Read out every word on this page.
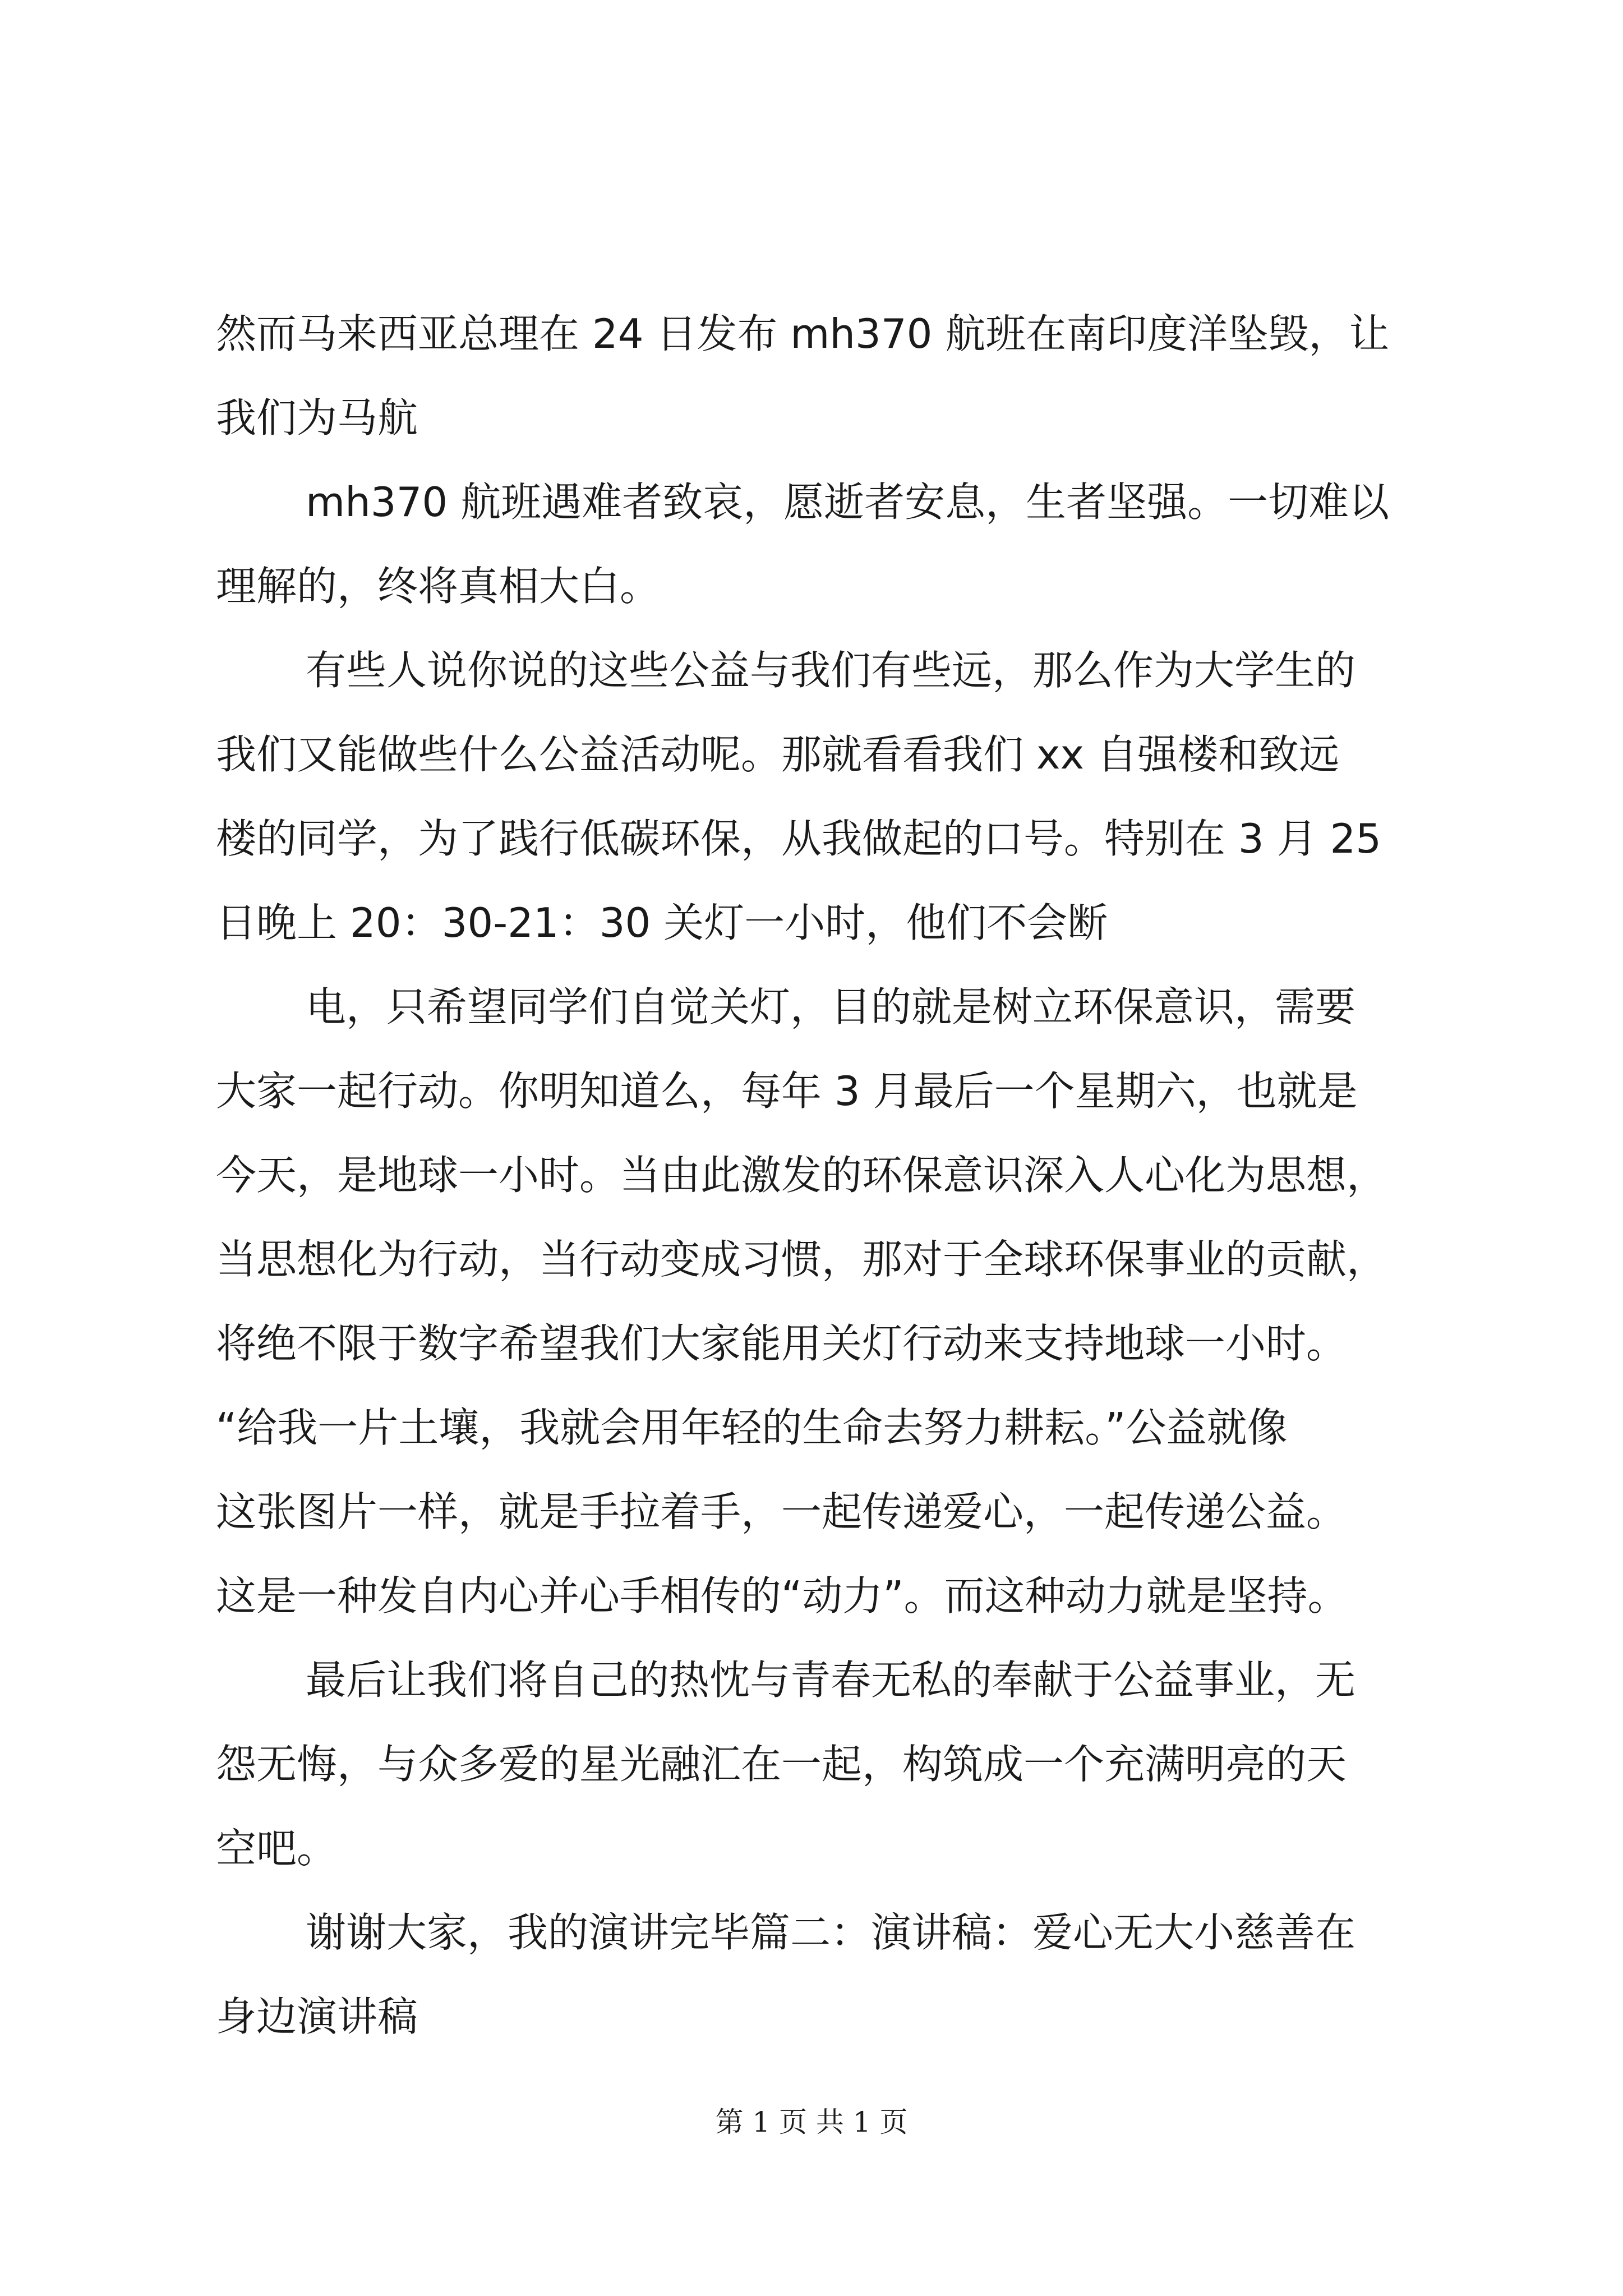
然而马来西亚总理在 24 日发布 mh370 航班在南印度洋坠毁，让
我们为马航
mh370 航班遇难者致哀，愿逝者安息，生者坚强。一切难以
理解的，终将真相大白。
有些人说你说的这些公益与我们有些远，那么作为大学生的
我们又能做些什么公益活动呢。那就看看我们 xx 自强楼和致远
楼的同学，为了践行低碳环保，从我做起的口号。特别在 3 月 25
日晚上 20：30-21：30 关灯一小时，他们不会断
电，只希望同学们自觉关灯，目的就是树立环保意识，需要
大家一起行动。你明知道么，每年 3 月最后一个星期六，也就是
今天，是地球一小时。当由此激发的环保意识深入人心化为思想，
当思想化为行动，当行动变成习惯，那对于全球环保事业的贡献，
将绝不限于数字希望我们大家能用关灯行动来支持地球一小时。
“给我一片土壤，我就会用年轻的生命去努力耕耘。”公益就像
这张图片一样，就是手拉着手，一起传递爱心，一起传递公益。
这是一种发自内心并心手相传的“动力”。而这种动力就是坚持。
最后让我们将自己的热忱与青春无私的奉献于公益事业，无
怨无悔，与众多爱的星光融汇在一起，构筑成一个充满明亮的天
空吧。
谢谢大家，我的演讲完毕篇二：演讲稿：爱心无大小慈善在
身边演讲稿
第 1 页 共 1 页
